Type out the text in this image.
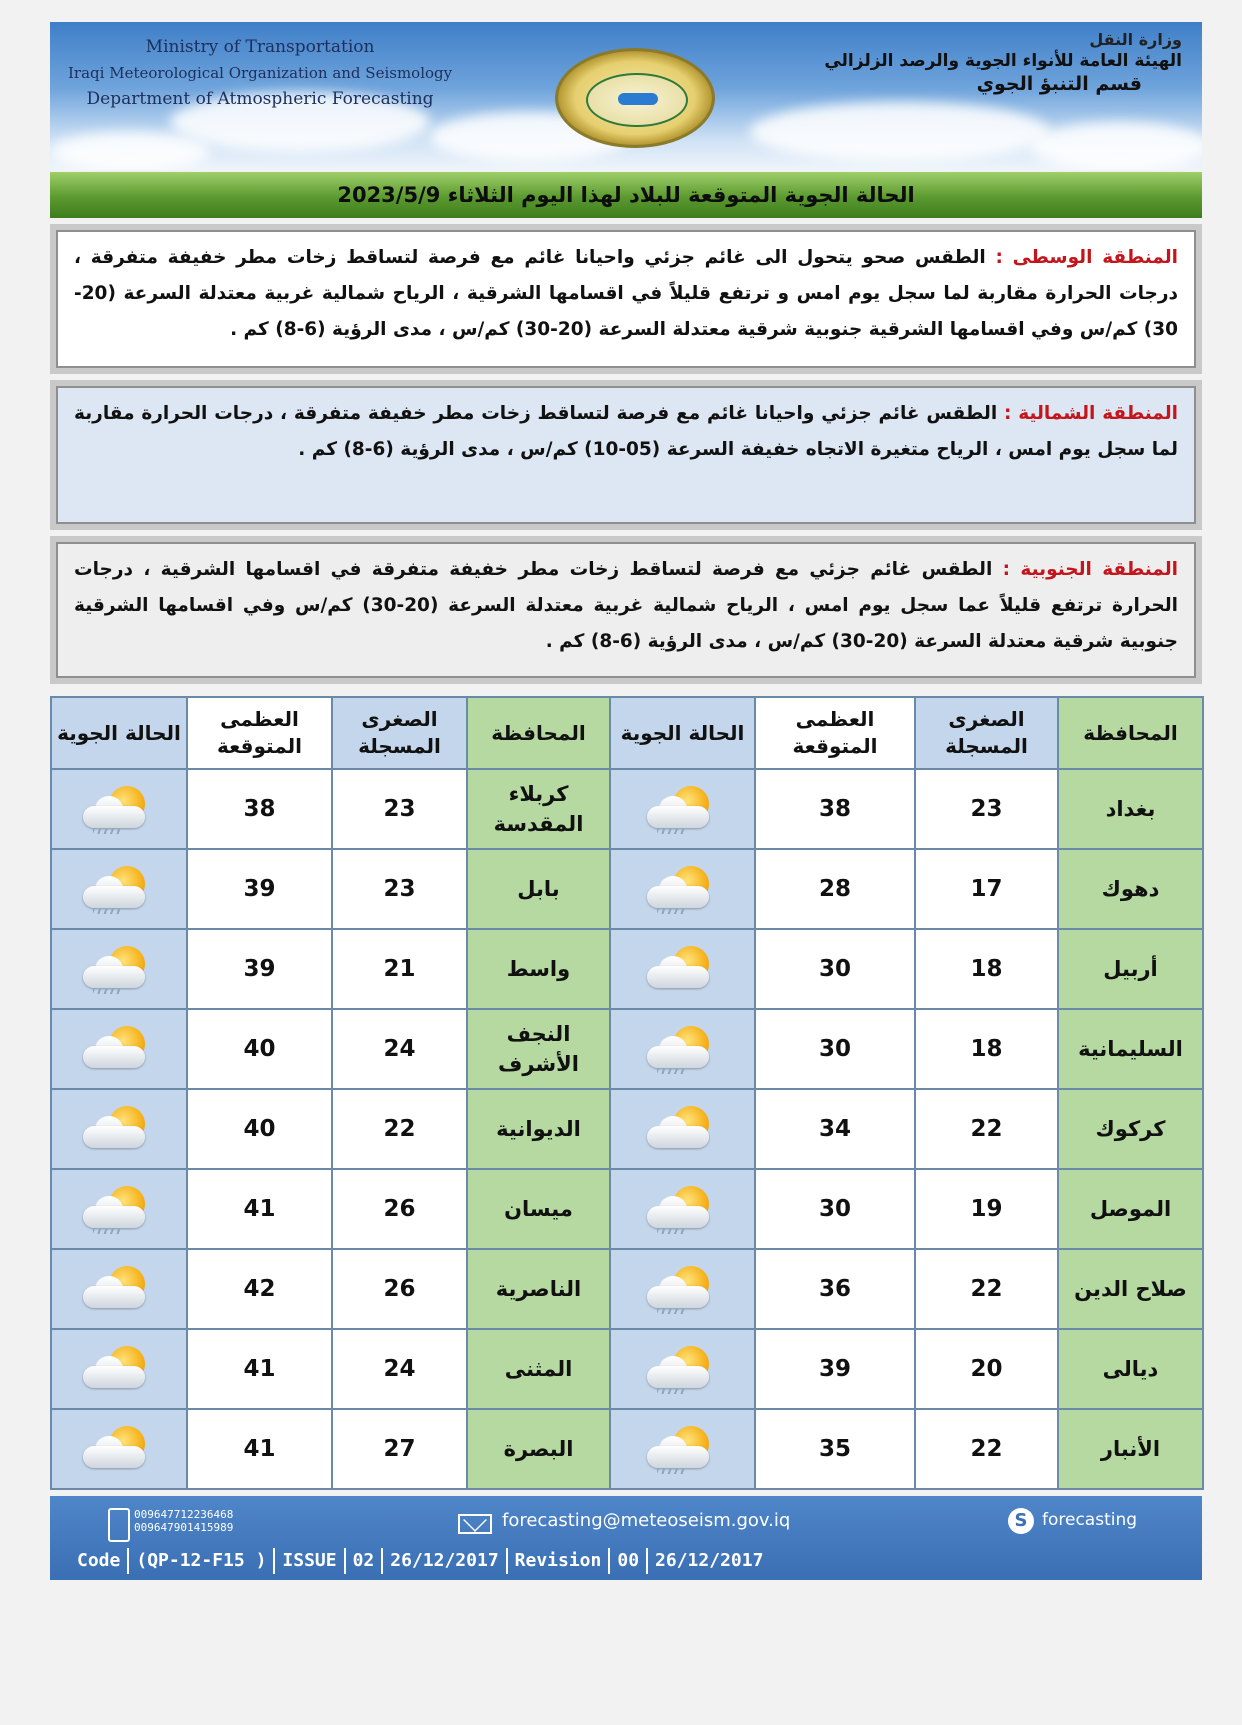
Ministry of Transportation
Iraqi Meteorological Organization and Seismology
Department of Atmospheric Forecasting
وزارة النقل
الهيئة العامة للأنواء الجوية والرصد الزلزالي
قسم التنبؤ الجوي
الحالة الجوية المتوقعة للبلاد لهذا اليوم الثلاثاء 2023/5/9
المنطقة الوسطى : الطقس صحو يتحول الى غائم جزئي واحيانا غائم مع فرصة لتساقط زخات مطر خفيفة متفرقة ، درجات الحرارة مقاربة لما سجل يوم امس و ترتفع قليلاً في اقسامها الشرقية ، الرياح شمالية غربية معتدلة السرعة (20-30) كم/س وفي اقسامها الشرقية جنوبية شرقية معتدلة السرعة (20-30) كم/س ، مدى الرؤية (6-8) كم .
المنطقة الشمالية : الطقس غائم جزئي واحيانا غائم مع فرصة لتساقط زخات مطر خفيفة متفرقة ، درجات الحرارة مقاربة لما سجل يوم امس ، الرياح متغيرة الاتجاه خفيفة السرعة (05-10) كم/س ، مدى الرؤية (6-8) كم .
المنطقة الجنوبية : الطقس غائم جزئي مع فرصة لتساقط زخات مطر خفيفة متفرقة في اقسامها الشرقية ، درجات الحرارة ترتفع قليلاً عما سجل يوم امس ، الرياح شمالية غربية معتدلة السرعة (20-30) كم/س وفي اقسامها الشرقية جنوبية شرقية معتدلة السرعة (20-30) كم/س ، مدى الرؤية (6-8) كم .
المحافظة	الصغرى المسجلة	العظمى المتوقعة	الحالة الجوية	المحافظة	الصغرى المسجلة	العظمى المتوقعة	الحالة الجوية
بغداد	23	38		كربلاء المقدسة	23	38	

دهوك	17	28		بابل	23	39	

أربيل	18	30		واسط	21	39	

السليمانية	18	30		النجف الأشرف	24	40	

كركوك	22	34		الديوانية	22	40	

الموصل	19	30		ميسان	26	41	

صلاح الدين	22	36		الناصرية	26	42	

ديالى	20	39		المثنى	24	41	

الأنبار	22	35		البصرة	27	41	
009647712236468
009647901415989	forecasting@meteoseism.gov.iq	S forecasting
Code (QP-12-F15 ) ISSUE 02 26/12/2017 Revision 00 26/12/2017
